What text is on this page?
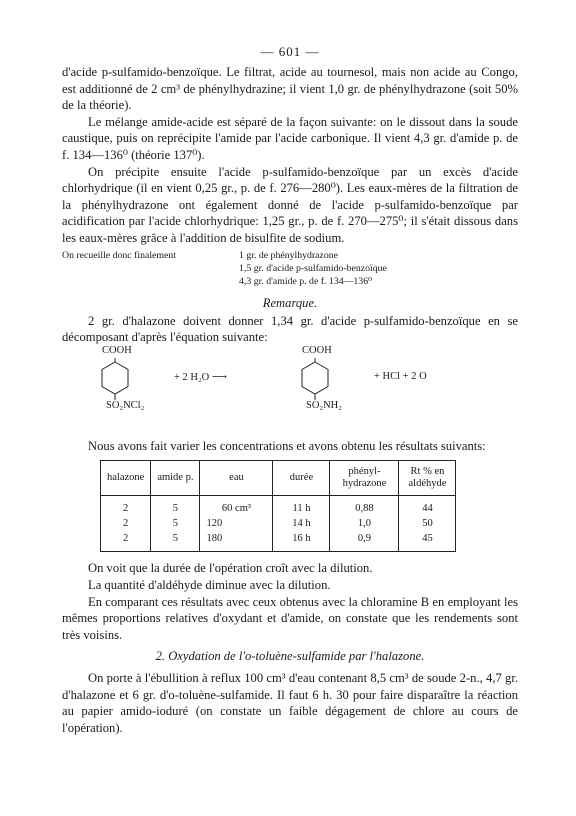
— 601 —

d'acide p-sulfamido-benzoïque. Le filtrat, acide au tournesol, mais non acide au Congo, est additionné de 2 cm³ de phénylhydrazine; il vient 1,0 gr. de phénylhydrazone (soit 50% de la théorie).

Le mélange amide-acide est séparé de la façon suivante: on le dissout dans la soude caustique, puis on reprécipite l'amide par l'acide carbonique. Il vient 4,3 gr. d'amide p. de f. 134—136⁰ (théorie 137⁰).

On précipite ensuite l'acide p-sulfamido-benzoïque par un excès d'acide chlorhydrique (il en vient 0,25 gr., p. de f. 276—280⁰). Les eaux-mères de la filtration de la phénylhydrazone ont également donné de l'acide p-sulfamido-benzoïque par acidification par l'acide chlorhydrique: 1,25 gr., p. de f. 270—275⁰; il s'était dissous dans les eaux-mères grâce à l'addition de bisulfite de sodium.

On recueille donc finalement	1 gr. de phénylhydrazone
1,5 gr. d'acide p-sulfamido-benzoïque
4,3 gr. d'amide p. de f. 134—136⁰
Remarque.

2 gr. d'halazone doivent donner 1,34 gr. d'acide p-sulfamido-benzoïque en se décomposant d'après l'équation suivante:

COOH
SO₂NCl₂
+ 2 H₂O ⟶
COOH
SO₂NH₂
+ HCl + 2 O

Nous avons fait varier les concentrations et avons obtenu les résultats suivants:

halazone	amide p.	eau	durée	phényl-hydrazone	Rt % en aldéhyde
2	5	60 cm³	11 h	0,88	44
2	5	120	14 h	1,0	50
2	5	180	16 h	0,9	45

On voit que la durée de l'opération croît avec la dilution.

La quantité d'aldéhyde diminue avec la dilution.

En comparant ces résultats avec ceux obtenus avec la chloramine B en employant les mêmes proportions relatives d'oxydant et d'amide, on constate que les rendements sont très voisins.

2. Oxydation de l'o-toluène-sulfamide par l'halazone.

On porte à l'ébullition à reflux 100 cm³ d'eau contenant 8,5 cm³ de soude 2-n., 4,7 gr. d'halazone et 6 gr. d'o-toluène-sulfamide. Il faut 6 h. 30 pour faire disparaître la réaction au papier amido-ioduré (on constate un faible dégagement de chlore au cours de l'opération).
